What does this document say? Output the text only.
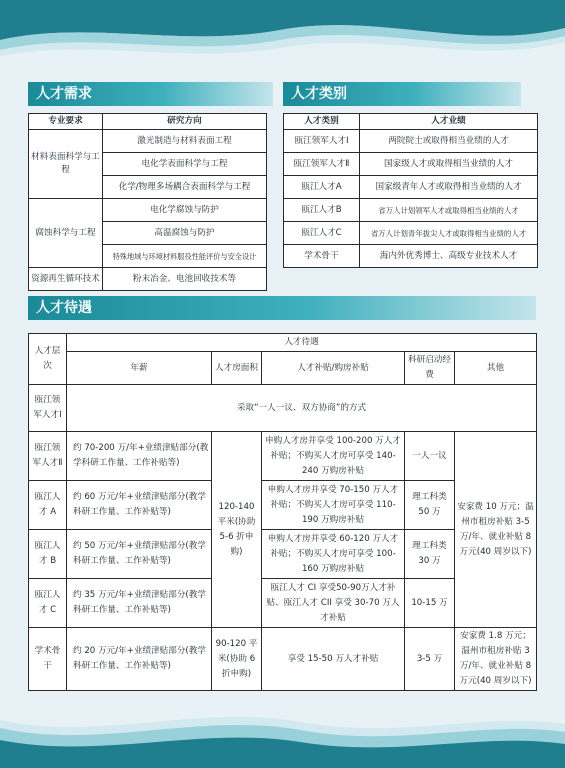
人才需求
专业要求	研究方向
材料表面科学与工程	激光制造与材料表面工程
	电化学表面科学与工程
	化学/物理多场耦合表面科学与工程
腐蚀科学与工程	电化学腐蚀与防护
	高温腐蚀与防护
	特殊地域与环境材料服役性能评价与安全设计
资源再生循环技术	粉末冶金、电池回收技术等
人才类别
人才类别	人才业绩
瓯江领军人才Ⅰ	两院院士或取得相当业绩的人才
瓯江领军人才Ⅱ	国家级人才或取得相当业绩的人才
瓯江人才A	国家级青年人才或取得相当业绩的人才
瓯江人才B	省万人计划领军人才或取得相当业绩的人才
瓯江人才C	省万人计划青年拔尖人才或取得相当业绩的人才
学术骨干	海内外优秀博士、高级专业技术人才
人才待遇
人才层次	人才待遇				
	年薪	人才房面积	人才补贴/购房补贴	科研启动经费	其他
瓯江领军人才Ⅰ	采取“一人一议、双方协商”的方式				
瓯江领军人才Ⅱ	约 70-200 万/年+业绩津贴部分(教学科研工作量、工作补贴等)	120-140 平米(协助 5-6 折申购)	申购人才房并享受 100-200 万人才补贴；不购买人才房可享受 140-240 万购房补贴	一人一议	安家费 10 万元；温州市租房补贴 3-5 万/年、就业补贴 8 万元(40 周岁以下)
瓯江人才 A	约 60 万元/年+业绩津贴部分(教学科研工作量、工作补贴等)		申购人才房并享受 70-150 万人才补贴；不购买人才房可享受 110-190 万购房补贴	理工科类 50 万	
瓯江人才 B	约 50 万元/年+业绩津贴部分(教学科研工作量、工作补贴等)		申购人才房并享受 60-120 万人才补贴；不购买人才房可享受 100-160 万购房补贴	理工科类 30 万	
瓯江人才 C	约 35 万元/年+业绩津贴部分(教学科研工作量、工作补贴等)		瓯江人才 CI 享受50-90万人才补贴、瓯江人才 CII 享受 30-70 万人才补贴	10-15 万	
学术骨干	约 20 万元/年+业绩津贴部分(教学科研工作量、工作补贴等)	90-120 平米(协助 6 折申购)	享受 15-50 万人才补贴	3-5 万	安家费 1.8 万元；温州市租房补贴 3 万/年、就业补贴 8 万元(40 周岁以下)
